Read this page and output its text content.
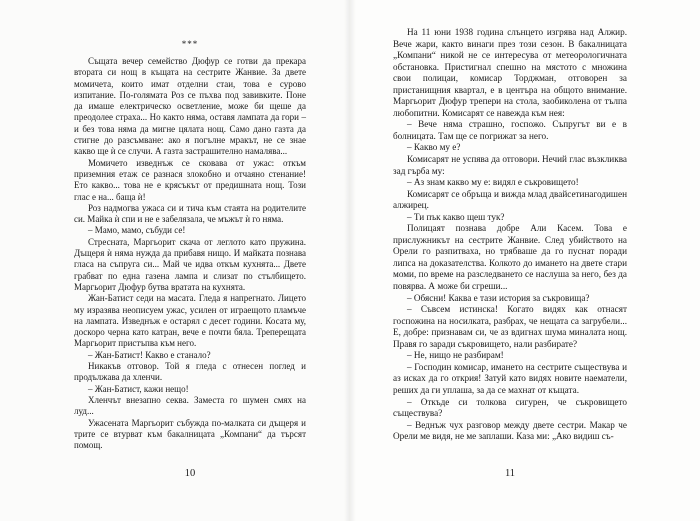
***

Същата вечер семейство Дюфур се готви да прекара втората си нощ в къщата на сестрите Жанвие. За двете момичета, които имат отделни стаи, това е сурово изпитание. По-голямата Роз се пъхва под завивките. Поне да имаше електрическо осветление, може би щеше да преодолее страха... Но както няма, оставя лампата да гори – и без това няма да мигне цялата нощ. Само дано газта да стигне до разсъмване: ако я погълне мракът, не се знае какво ще ѝ се случи. А газта застрашително намалява...

Момичето изведнъж се сковава от ужас: откъм приземния етаж се разнася злокобно и отчаяно стенание! Ето какво... това не е крясъкът от предишната нощ. Този глас е на... баща ѝ!

Роз надмогва ужаса си и тича към стаята на родителите си. Майка ѝ спи и не е забелязала, че мъжът ѝ го няма.

– Мамо, мамо, събуди се!

Стреснатa, Маргьорит скача от леглото като пружина. Дъщеря ѝ няма нужда да прибавя нищо. И майката познава гласа на съпруга си... Май че идва откъм кухнята... Двете грабват по една газена лампа и слизат по стълбището. Маргьорит Дюфур бутва вратата на кухнята.

Жан-Батист седи на масата. Гледа я напрегнато. Лицето му изразява неописуем ужас, усилен от играещото пламъче на лампата. Изведнъж е остарял с десет години. Косата му, доскоро черна като катран, вече е почти бяла. Треперещата Маргьорит пристъпва към него.

– Жан-Батист! Какво е станало?

Никакъв отговор. Той я гледа с отнесен поглед и продължава да хленчи.

– Жан-Батист, кажи нещо!

Хленчът внезапно секва. Заместа го шумен смях на луд...

Ужасената Маргьорит събужда по-малката си дъщеря и трите се втурват към бакалницата „Компани“ да търсят помощ.

10

На 11 юни 1938 година слънцето изгрява над Алжир. Вече жари, както винаги през този сезон. В бакалницата „Компани“ никой не се интересува от метеорологичната обстановка. Пристигнал спешно на мястото с множина свои полицаи, комисар Торджман, отговорен за пристанищния квартал, е в центъра на общото внимание. Маргьорит Дюфур трепери на стола, заобиколена от тълпа любопитни. Комисарят се навежда към нея:

– Вече няма страшно, госпожо. Съпругът ви е в болницата. Там ще се погрижат за него.

– Какво му е?

Комисарят не успява да отговори. Нечий глас възкликва зад гърба му:

– Аз знам какво му е: видял е съкровището!

Комисарят се обръща и вижда млад двайсетинагодишен алжирец.

– Ти пък какво щеш тук?

Полицаят познава добре Али Касем. Това е прислужникът на сестрите Жанвие. След убийството на Орели го разпитваха, но трябваше да го пуснат поради липса на доказателства. Колкото до имането на двете стари моми, по време на разследването се наслуша за него, без да повярва. А може би сгреши...

– Обясни! Каква е тази история за съкровища?

– Съвсем истинска! Когато видях как отнасят госпожина на носилката, разбрах, че нещата са загрубели... Е, добре: признавам си, че аз вдигнах шума миналата нощ. Правя го заради съкровището, нали разбирате?

– Не, нищо не разбирам!

– Господин комисар, имането на сестрите съществува и аз исках да го открия! Затуй като видях новите наематели, реших да ги уплаша, за да се махнат от къщата.

– Откъде си толкова сигурен, че съкровището съществува?

– Веднъж чух разговор между двете сестри. Макар че Орели ме видя, не ме заплаши. Каза ми: „Ако видиш съ-

11
